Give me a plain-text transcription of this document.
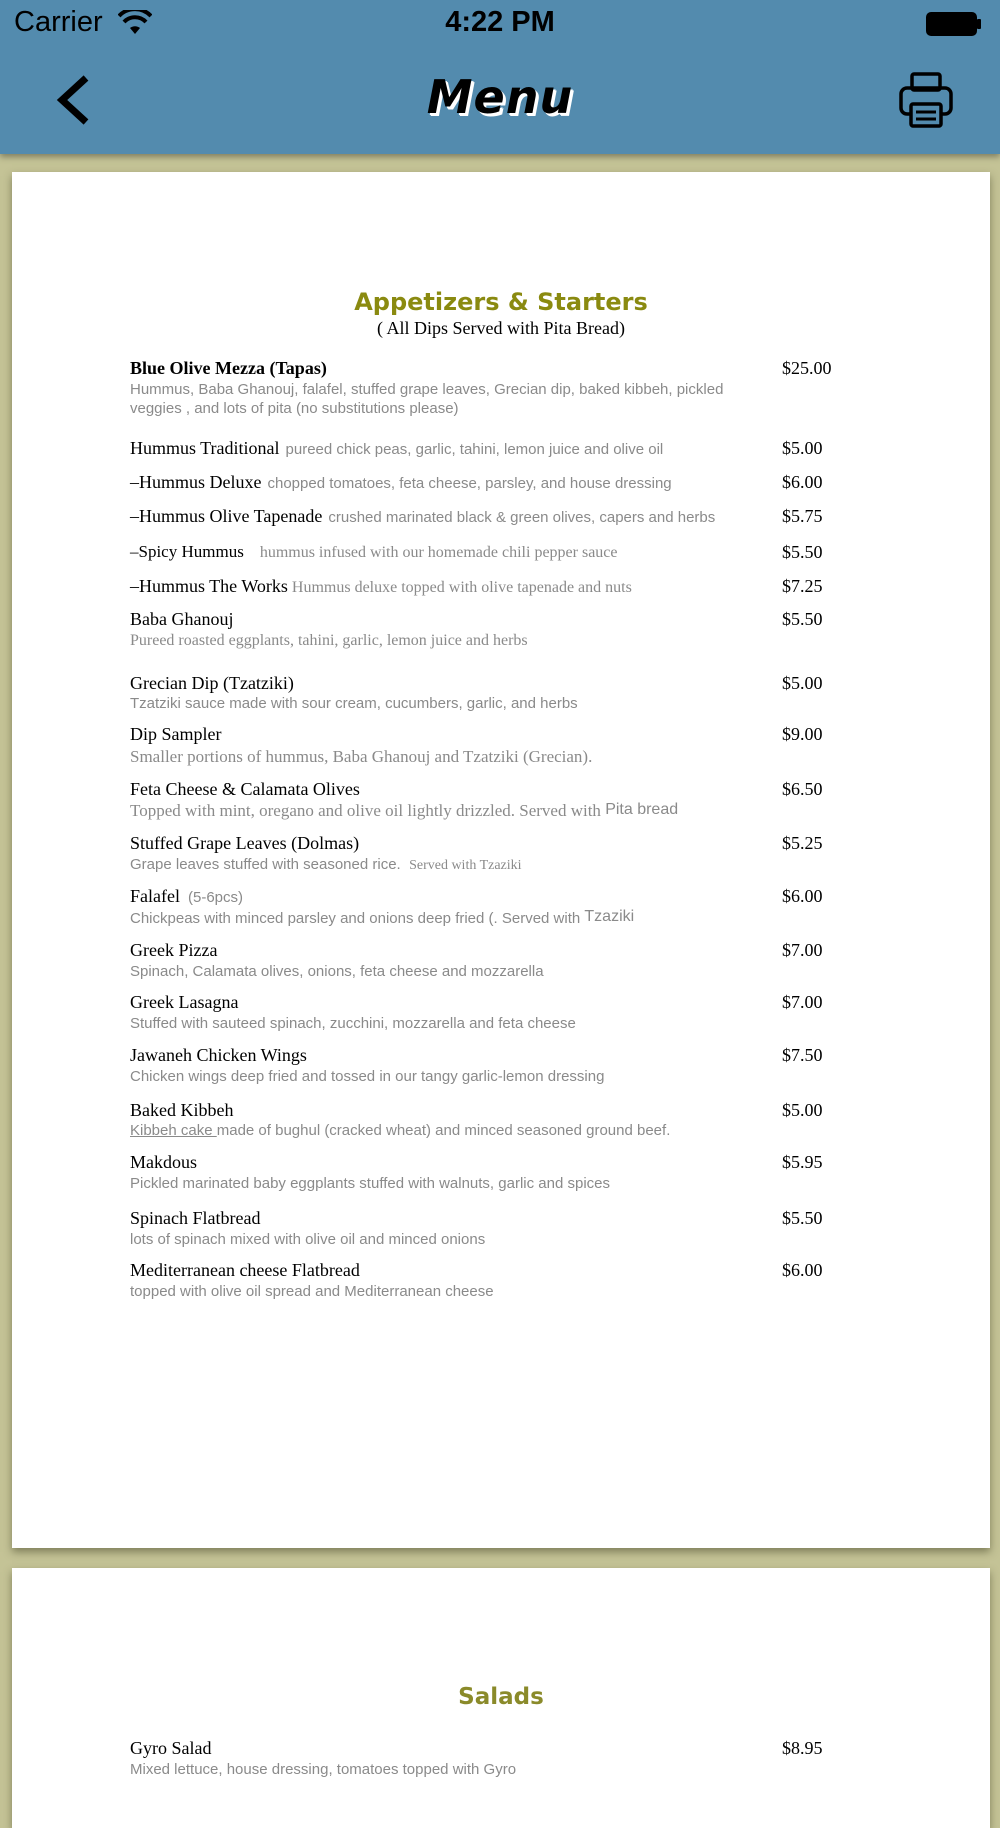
Carrier	4:22 PM
Menu
Appetizers & Starters
( All Dips Served with Pita Bread)
Blue Olive Mezza (Tapas)	$25.00
Hummus, Baba Ghanouj, falafel, stuffed grape leaves, Grecian dip, baked kibbeh, pickled veggies , and lots of pita (no substitutions please)
Hummus Traditional pureed chick peas, garlic, tahini, lemon juice and olive oil	$5.00
–Hummus Deluxe chopped tomatoes, feta cheese, parsley, and house dressing	$6.00
–Hummus Olive Tapenade crushed marinated black & green olives, capers and herbs	$5.75
–Spicy Hummus hummus infused with our homemade chili pepper sauce	$5.50
–Hummus The Works Hummus deluxe topped with olive tapenade and nuts	$7.25
Baba Ghanouj	$5.50
Pureed roasted eggplants, tahini, garlic, lemon juice and herbs
Grecian Dip (Tzatziki)	$5.00
Tzatziki sauce made with sour cream, cucumbers, garlic, and herbs
Dip Sampler	$9.00
Smaller portions of hummus, Baba Ghanouj and Tzatziki (Grecian).
Feta Cheese & Calamata Olives	$6.50
Topped with mint, oregano and olive oil lightly drizzled. Served with Pita bread
Stuffed Grape Leaves (Dolmas)	$5.25
Grape leaves stuffed with seasoned rice. Served with Tzaziki
Falafel (5-6pcs)	$6.00
Chickpeas with minced parsley and onions deep fried (. Served with Tzaziki
Greek Pizza	$7.00
Spinach, Calamata olives, onions, feta cheese and mozzarella
Greek Lasagna	$7.00
Stuffed with sauteed spinach, zucchini, mozzarella and feta cheese
Jawaneh Chicken Wings	$7.50
Chicken wings deep fried and tossed in our tangy garlic-lemon dressing
Baked Kibbeh	$5.00
Kibbeh cake made of bughul (cracked wheat) and minced seasoned ground beef.
Makdous	$5.95
Pickled marinated baby eggplants stuffed with walnuts, garlic and spices
Spinach Flatbread	$5.50
lots of spinach mixed with olive oil and minced onions
Mediterranean cheese Flatbread	$6.00
topped with olive oil spread and Mediterranean cheese
Salads
Gyro Salad	$8.95
Mixed lettuce, house dressing, tomatoes topped with Gyro
